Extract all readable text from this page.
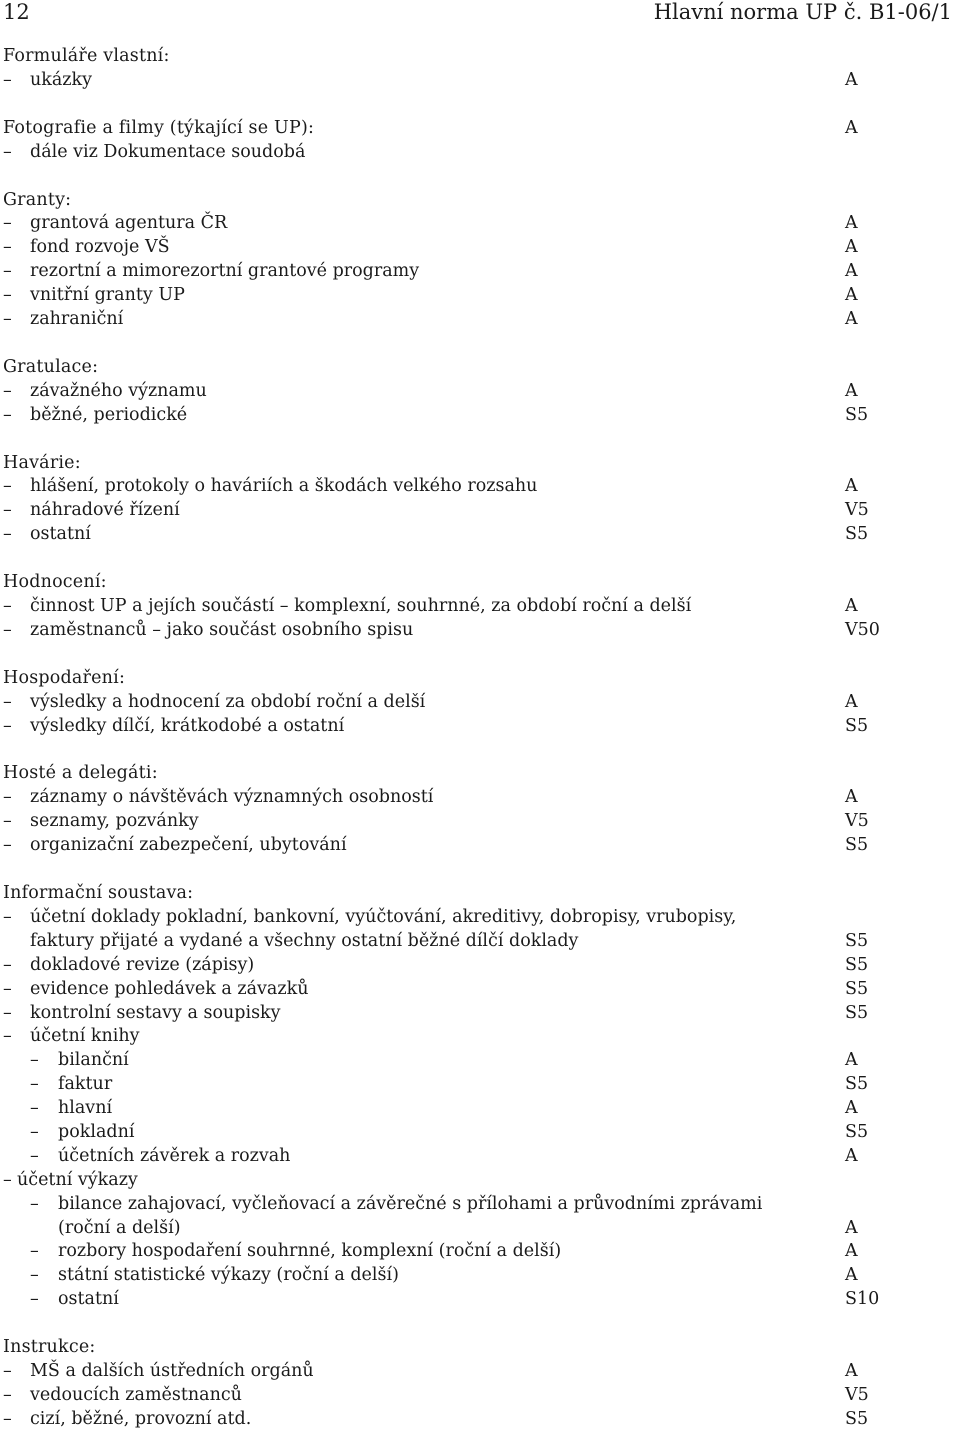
12	Hlavní norma UP č. B1-06/1
Formuláře vlastní:
– ukázky	A
Fotografie a filmy (týkající se UP):	A
– dále viz Dokumentace soudobá
Granty:
– grantová agentura ČR	A
– fond rozvoje VŠ	A
– rezortní a mimorezortní grantové programy	A
– vnitřní granty UP	A
– zahraniční	A
Gratulace:
– závažného významu	A
– běžné, periodické	S5
Havárie:
– hlášení, protokoly o haváriích a škodách velkého rozsahu	A
– náhradové řízení	V5
– ostatní	S5
Hodnocení:
– činnost UP a jejích součástí – komplexní, souhrnné, za období roční a delší	A
– zaměstnanců – jako součást osobního spisu	V50
Hospodaření:
– výsledky a hodnocení za období roční a delší	A
– výsledky dílčí, krátkodobé a ostatní	S5
Hosté a delegáti:
– záznamy o návštěvách významných osobností	A
– seznamy, pozvánky	V5
– organizační zabezpečení, ubytování	S5
Informační soustava:
– účetní doklady pokladní, bankovní, vyúčtování, akreditivy, dobropisy, vrubopisy,
faktury přijaté a vydané a všechny ostatní běžné dílčí doklady	S5
– dokladové revize (zápisy)	S5
– evidence pohledávek a závazků	S5
– kontrolní sestavy a soupisky	S5
– účetní knihy
– bilanční	A
– faktur	S5
– hlavní	A
– pokladní	S5
– účetních závěrek a rozvah	A
– účetní výkazy
– bilance zahajovací, vyčleňovací a závěrečné s přílohami a průvodními zprávami
(roční a delší)	A
– rozbory hospodaření souhrnné, komplexní (roční a delší)	A
– státní statistické výkazy (roční a delší)	A
– ostatní	S10
Instrukce:
– MŠ a dalších ústředních orgánů	A
– vedoucích zaměstnanců	V5
– cizí, běžné, provozní atd.	S5
